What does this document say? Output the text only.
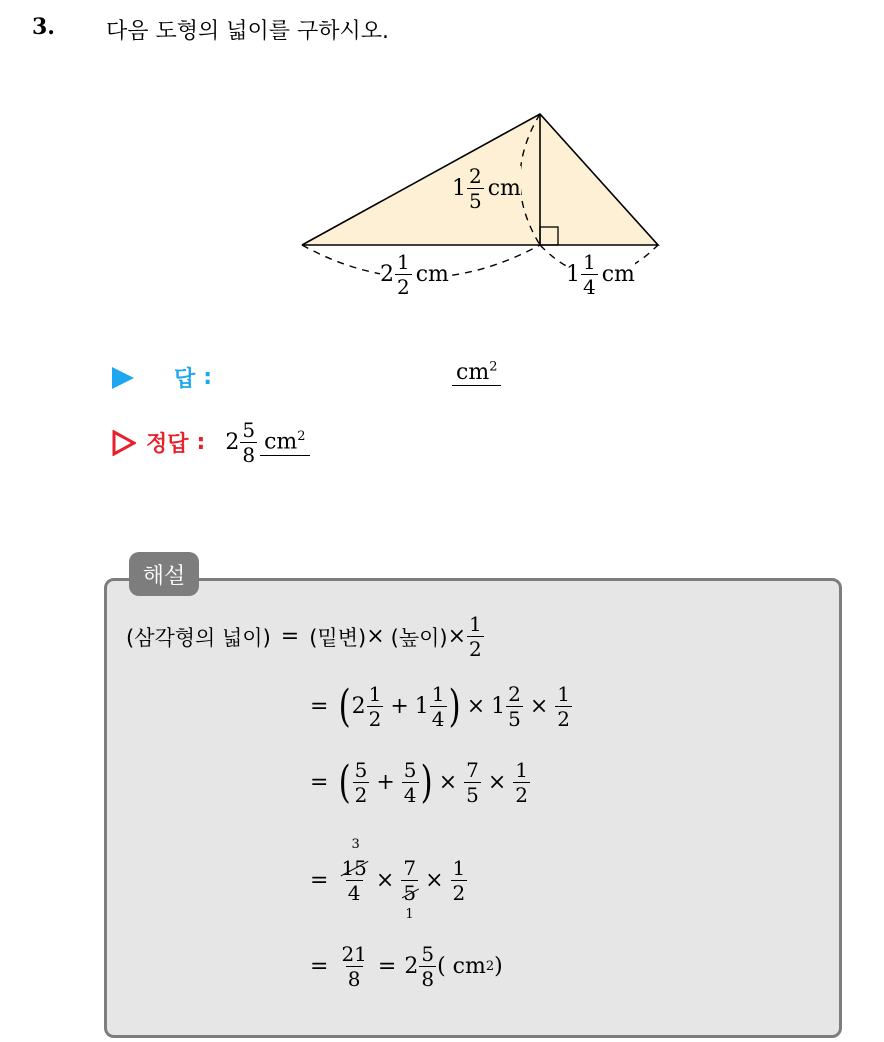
3. 다음 도형의 넓이를 구하시오.
$1 \frac{2}{5}$ cm
$2 \frac{1}{2}$ cm	$1 \frac{1}{4}$ cm
답 :	$cm^2$
정답 : $2 \frac{5}{8} cm^2$
해설
(삼각형의 넓이) = (밑변) × (높이) × $\frac{1}{2}$
= ( $2 \frac{1}{2} + 1 \frac{1}{4}$ ) × $1 \frac{2}{5} \times \frac{1}{2}$
= ( $\frac{5}{2} + \frac{5}{4}$ ) × $\frac{7}{5} \times \frac{1}{2}$
=
3
15
4 × 7
5
1
× $\frac{1}{2}$
= $\frac{21}{8} = 2 \frac{5}{8}$ ( cm 2 )
